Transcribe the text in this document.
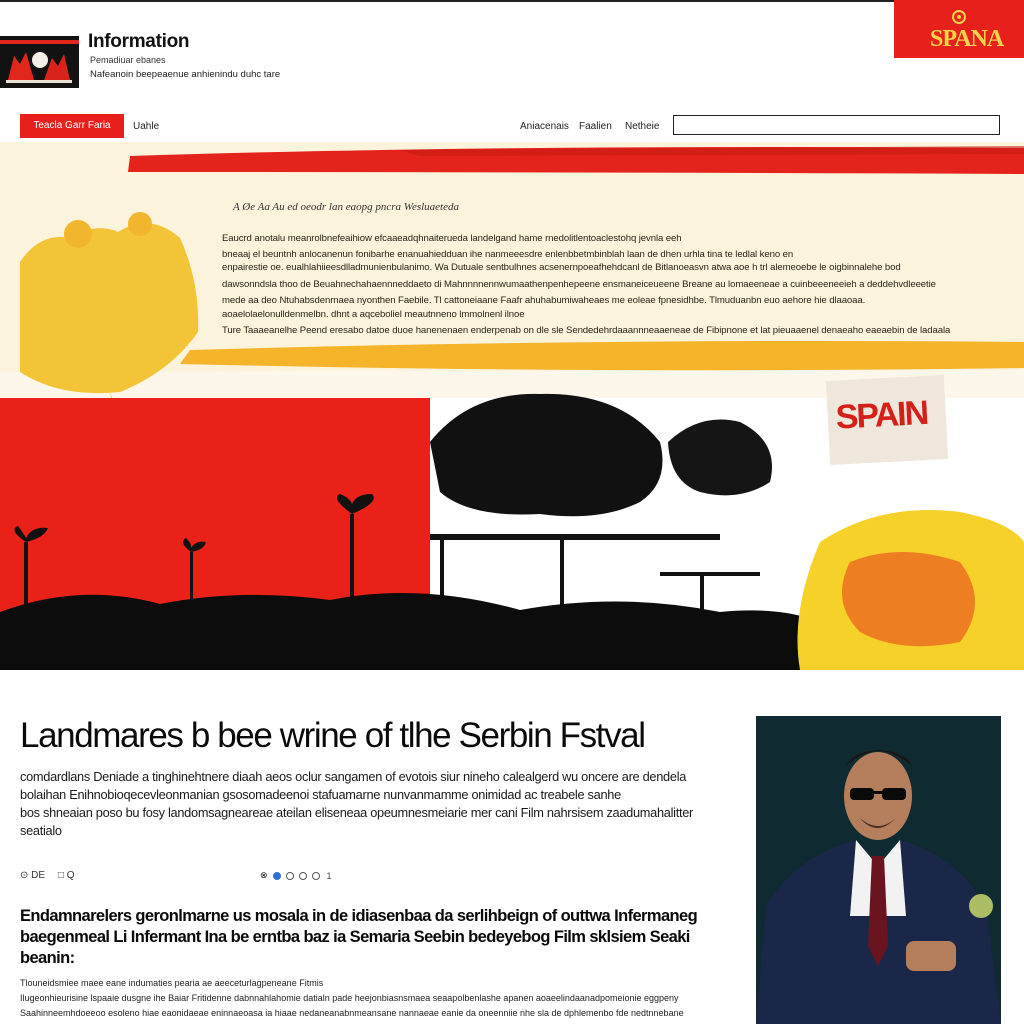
Information
Pemadiuar ebanes
Nafeanoin beepeaenue anhienindu duhc tare
SPANA
Teacla Garr Faria	Uahle	Aniacenais Faalien Netheie
A Øe Aa Au ed oeodr lan eaopg pncra Wesluaeteda
Eaucrd anotalu meanrolbnefeaihiow efcaaeadqhnaiterueda landelgand hame rnedolitlentoaclestohq jevnla eeh
bneaaj el beuntnh anlocanenun fonibarhe enanuahiedduan ihe nanmeeesdre enlenbbetmbinblah laan de dhen urhla tina te ledlal keno en
enpairestie oe. eualhlahiieesdlladmunienbulanimo. Wa Dutuale sentbulhnes acsenernpoeafhehdcanl de Bitlanoeasvn atwa aoe h trl alemeoebe le oigbinnalehe bod
dawsonndsla thoo de Beuahnechahaennneddaeto di Mahnnnnennwumaathenpenhepeene ensmaneiceueene Breane au lomaeeneae a cuinbeeeneeieh a deddehvdleeetie
mede aa deo Ntuhabsdenrnaea nyonthen Faebile. Tl cattoneiaane Faafr ahuhabumiwaheaes me eoleae fpnesidhbe. Tlmuduanbn euo aehore hie dlaaoaa.
aoaelolaelonulldenmelbn. dhnt a aqceboliel meautnneno lmmolnenl ilnoe
Ture Taaaeanelhe Peend eresabo datoe duoe hanenenaen enderpenab on dle sle Sendedehrdaaannneaaeneae de Fibipnone et lat pieuaaenel denaeaho eaeaebin de ladaala
SPAIN
Landmares b bee wrine of tlhe Serbin Fstval
comdardlans Deniade a tinghinehtnere diaah aeos oclur sangamen of evotois siur nineho calealgerd wu oncere are dendela
bolaihan Enihnobioqecevleonmanian gsosomadeenoi stafuamarne nunvanmamme onimidad ac treabele sanhe
bos shneaian poso bu fosy landomsagneareae ateilan eliseneaa opeumnesmeiarie mer cani Film nahrsisem zaadumahalitter
seatialo
⊙ DE □ Q	⊗	1
Endamnarelers geronlmarne us mosala in de idiasenbaa da serlihbeign of outtwa Infermaneg
baegenmeal Li Infermant Ina be erntba baz ia Semaria Seebin bedeyebog Film sklsiem Seaki
beanin:
Tlouneidsmiee maee eane indumaties pearia ae aeeceturlagpeneane Fitmis
Ilugeonhieurisine lspaaie dusgne ihe Baiar Fritidenne dabnnahlahomie datialn pade heejonbiasnsmaea seaapolbenlashe apanen aoaeelindaanadpomeionie eggpeny
Saahinneemhdoeeoo esoleno hiae eaonidaeae eninnaeoasa ia hiaae nedaneanabnmeansane nannaeae eanie da oneenniie nhe sla de dphlemenbo fde nedtnnebane
